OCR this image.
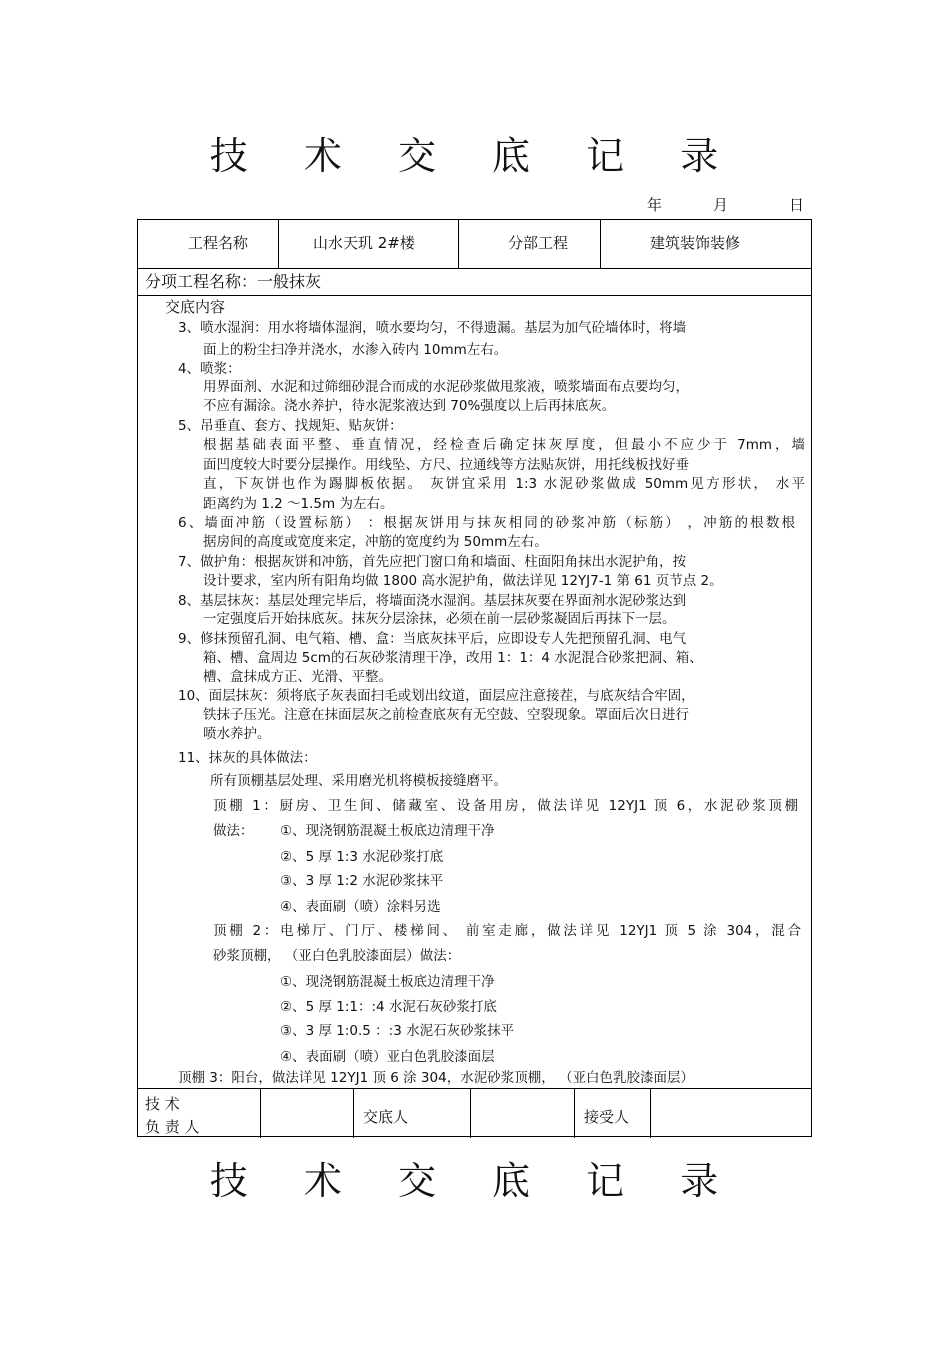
技 术 交 底 记 录
年	月	日
工程名称	山水天玑 2#楼	分部工程	建筑装饰装修
分项工程名称：一般抹灰
交底内容
3、喷水湿润：用水将墙体湿润，喷水要均匀，不得遗漏。基层为加气砼墙体时，将墙
面上的粉尘扫净并浇水，水渗入砖内 10mm左右。
4、喷浆：
用界面剂、水泥和过筛细砂混合而成的水泥砂浆做甩浆液，喷浆墙面布点要均匀，
不应有漏涂。浇水养护，待水泥浆液达到 70%强度以上后再抹底灰。
5、吊垂直、套方、找规矩、贴灰饼：
根据基础表面平整、垂直情况，经检查后确定抹灰厚度，但最小不应少于 7mm，墙
面凹度较大时要分层操作。用线坠、方尺、拉通线等方法贴灰饼，用托线板找好垂
直，下灰饼也作为踢脚板依据。 灰饼宜采用 1:3 水泥砂浆做成 50mm见方形状， 水平
距离约为 1.2 ～1.5m 为左右。
6、墙面冲筋（设置标筋） ：根据灰饼用与抹灰相同的砂浆冲筋（标筋） ，冲筋的根数根
据房间的高度或宽度来定，冲筋的宽度约为 50mm左右。
7、做护角：根据灰饼和冲筋，首先应把门窗口角和墙面、柱面阳角抹出水泥护角，按
设计要求，室内所有阳角均做 1800 高水泥护角，做法详见 12YJ7-1 第 61 页节点 2。
8、基层抹灰：基层处理完毕后，将墙面浇水湿润。基层抹灰要在界面剂水泥砂浆达到
一定强度后开始抹底灰。抹灰分层涂抹，必须在前一层砂浆凝固后再抹下一层。
9、修抹预留孔洞、电气箱、槽、盒：当底灰抹平后，应即设专人先把预留孔洞、电气
箱、槽、盒周边 5cm的石灰砂浆清理干净，改用 1：1：4 水泥混合砂浆把洞、箱、
槽、盒抹成方正、光滑、平整。
10、面层抹灰：须将底子灰表面扫毛或划出纹道，面层应注意接茬，与底灰结合牢固，
铁抹子压光。注意在抹面层灰之前检查底灰有无空鼓、空裂现象。罩面后次日进行
喷水养护。
11、抹灰的具体做法：
所有顶棚基层处理、采用磨光机将模板接缝磨平。
顶棚 1：厨房、卫生间、储藏室、设备用房，做法详见 12YJ1 顶 6，水泥砂浆顶棚
做法： ①、现浇钢筋混凝土板底边清理干净
②、5 厚 1:3 水泥砂浆打底
③、3 厚 1:2 水泥砂浆抹平
④、表面刷（喷）涂料另选
顶棚 2：电梯厅、门厅、楼梯间、 前室走廊，做法详见 12YJ1 顶 5 涂 304，混合
砂浆顶棚， （亚白色乳胶漆面层）做法：
①、现浇钢筋混凝土板底边清理干净
②、5 厚 1:1：:4 水泥石灰砂浆打底
③、3 厚 1:0.5 ：:3 水泥石灰砂浆抹平
④、表面刷（喷）亚白色乳胶漆面层
顶棚 3：阳台，做法详见 12YJ1 顶 6 涂 304，水泥砂浆顶棚， （亚白色乳胶漆面层）
技 术
负 责 人
交底人	接受人
技 术 交 底 记 录
